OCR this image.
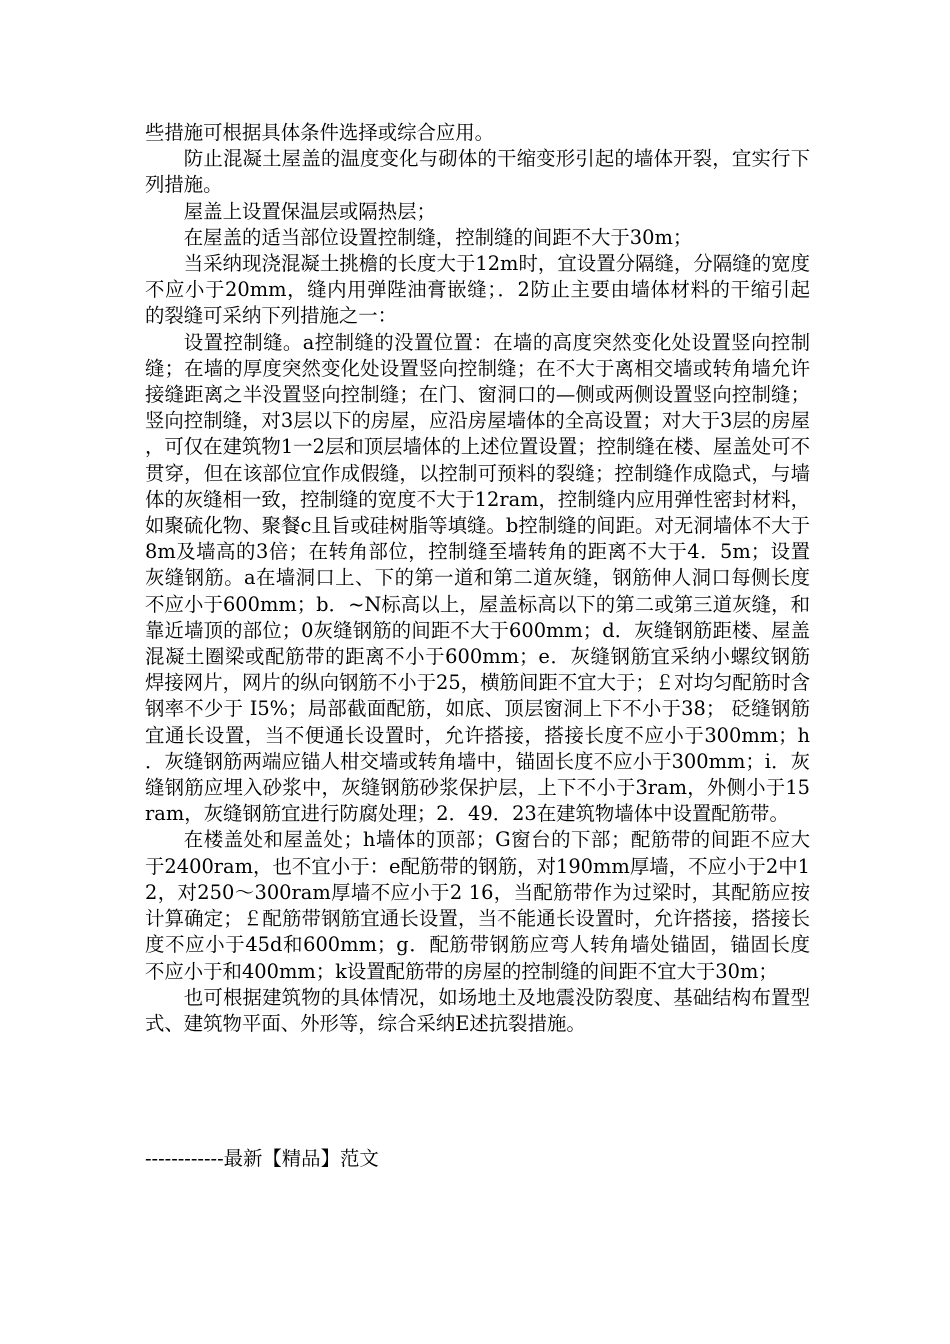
些措施可根据具体条件选择或综合应用。

防止混凝土屋盖的温度变化与砌体的干缩变形引起的墙体开裂，宜实行下列措施。

屋盖上设置保温层或隔热层；

在屋盖的适当部位设置控制缝，控制缝的间距不大于30m；

当采纳现浇混凝土挑檐的长度大于12m时，宜设置分隔缝，分隔缝的宽度不应小于20mm，缝内用弹陛油膏嵌缝；．2防止主要由墙体材料的干缩引起的裂缝可采纳下列措施之一：

设置控制缝。a控制缝的没置位置：在墙的高度突然变化处设置竖向控制缝；在墙的厚度突然变化处设置竖向控制缝；在不大于离相交墙或转角墙允许接缝距离之半没置竖向控制缝；在门、窗洞口的—侧或两侧设置竖向控制缝；竖向控制缝，对3层以下的房屋，应沿房屋墙体的全高设置；对大于3层的房屋，可仅在建筑物1一2层和顶层墙体的上述位置设置；控制缝在楼、屋盖处可不贯穿，但在该部位宜作成假缝，以控制可预料的裂缝；控制缝作成隐式，与墙体的灰缝相一致，控制缝的宽度不大于12ram，控制缝内应用弹性密封材料，如聚硫化物、聚餐c且旨或硅树脂等填缝。b控制缝的间距。对无洞墙体不大于8m及墙高的3倍；在转角部位，控制缝至墙转角的距离不大于4．5m；设置灰缝钢筋。a在墙洞口上、下的第一道和第二道灰缝，钢筋伸人洞口每侧长度不应小于600mm；b．~N标高以上，屋盖标高以下的第二或第三道灰缝，和靠近墙顶的部位；0灰缝钢筋的间距不大于600mm；d．灰缝钢筋距楼、屋盖混凝土圈梁或配筋带的距离不小于600mm；e．灰缝钢筋宜采纳小螺纹钢筋焊接网片，网片的纵向钢筋不小于25，横筋间距不宜大于；￡对均匀配筋时含钢率不少于 I5%；局部截面配筋，如底、顶层窗洞上下不小于38； 砭缝钢筋宜通长设置，当不便通长设置时，允许搭接，搭接长度不应小于300mm；h．灰缝钢筋两端应锚人柑交墙或转角墙中，锚固长度不应小于300mm；i．灰缝钢筋应埋入砂浆中，灰缝钢筋砂浆保护层，上下不小于3ram，外侧小于15ram，灰缝钢筋宜进行防腐处理；2．49．23在建筑物墙体中设置配筋带。

在楼盖处和屋盖处；h墙体的顶部；G窗台的下部；配筋带的间距不应大于2400ram，也不宜小于：e配筋带的钢筋，对190mm厚墙，不应小于2中12，对250～300ram厚墙不应小于2 16，当配筋带作为过梁时，其配筋应按计算确定；￡配筋带钢筋宜通长设置，当不能通长设置时，允许搭接，搭接长度不应小于45d和600mm；g．配筋带钢筋应弯人转角墙处锚固，锚固长度不应小于和400mm；k设置配筋带的房屋的控制缝的间距不宜大于30m；

也可根据建筑物的具体情况，如场地土及地震没防裂度、基础结构布置型式、建筑物平面、外形等，综合采纳E述抗裂措施。

------------最新【精品】范文
